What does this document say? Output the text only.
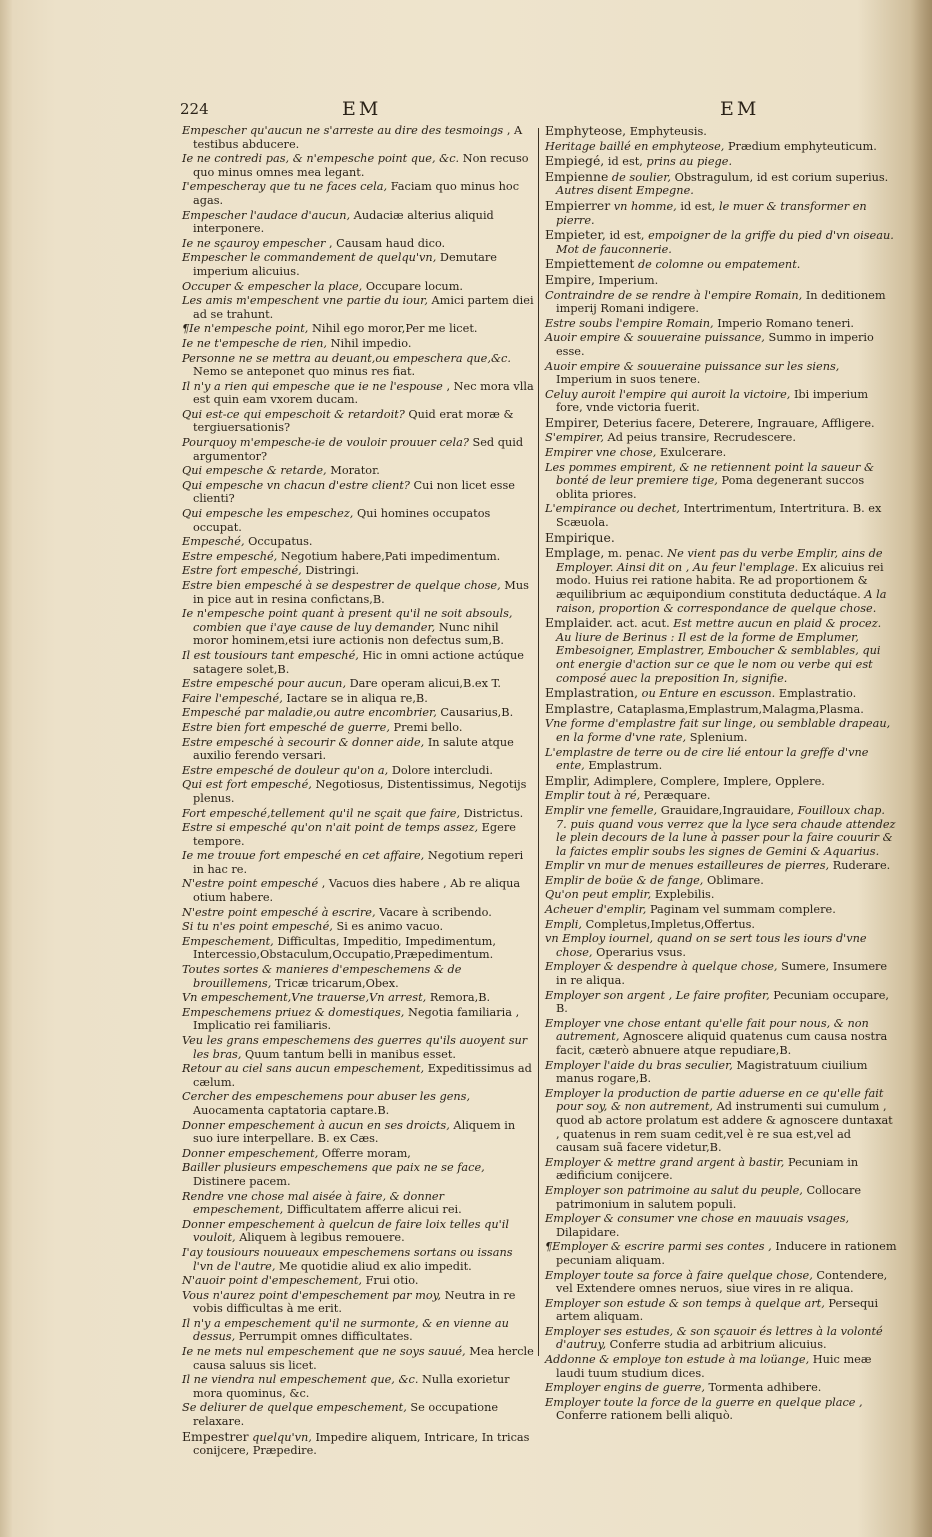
224	EM	EM
Empescher qu'aucun ne s'arreste au dire des tesmoings , A testibus abducere.
Ie ne contredi pas, & n'empesche point que, &c. Non recuso quo minus omnes mea legant.
I'empescheray que tu ne faces cela, Faciam quo minus hoc agas.
Empescher l'audace d'aucun, Audaciæ alterius aliquid interponere.
Ie ne sçauroy empescher , Causam haud dico.
Empescher le commandement de quelqu'vn, Demutare imperium alicuius.
Occuper & empescher la place, Occupare locum.
Les amis m'empeschent vne partie du iour, Amici partem diei ad se trahunt.
¶Ie n'empesche point, Nihil ego moror,Per me licet.
Ie ne t'empesche de rien, Nihil impedio.
Personne ne se mettra au deuant,ou empeschera que,&c. Nemo se anteponet quo minus res fiat.
Il n'y a rien qui empesche que ie ne l'espouse , Nec mora vlla est quin eam vxorem ducam.
Qui est-ce qui empeschoit & retardoit? Quid erat moræ & tergiuersationis?
Pourquoy m'empesche-ie de vouloir prouuer cela? Sed quid argumentor?
Qui empesche & retarde, Morator.
Qui empesche vn chacun d'estre client? Cui non licet esse clienti?
Qui empesche les empeschez, Qui homines occupatos occupat.
Empesché, Occupatus.
Estre empesché, Negotium habere,Pati impedimentum.
Estre fort empesché, Distringi.
Estre bien empesché à se despestrer de quelque chose, Mus in pice aut in resina confictans,B.
Ie n'empesche point quant à present qu'il ne soit absouls, combien que i'aye cause de luy demander, Nunc nihil moror hominem,etsi iure actionis non defectus sum,B.
Il est tousiours tant empesché, Hic in omni actione actúque satagere solet,B.
Estre empesché pour aucun, Dare operam alicui,B.ex T.
Faire l'empesché, Iactare se in aliqua re,B.
Empesché par maladie,ou autre encombrier, Causarius,B.
Estre bien fort empesché de guerre, Premi bello.
Estre empesché à secourir & donner aide, In salute atque auxilio ferendo versari.
Estre empesché de douleur qu'on a, Dolore intercludi.
Qui est fort empesché, Negotiosus, Distentissimus, Negotijs plenus.
Fort empesché,tellement qu'il ne sçait que faire, Districtus.
Estre si empesché qu'on n'ait point de temps assez, Egere tempore.
Ie me trouue fort empesché en cet affaire, Negotium reperi in hac re.
N'estre point empesché , Vacuos dies habere , Ab re aliqua otium habere.
N'estre point empesché à escrire, Vacare à scribendo.
Si tu n'es point empesché, Si es animo vacuo.
Empeschement, Difficultas, Impeditio, Impedimentum, Intercessio,Obstaculum,Occupatio,Præpedimentum.
Toutes sortes & manieres d'empeschemens & de brouillemens, Tricæ tricarum,Obex.
Vn empeschement,Vne trauerse,Vn arrest, Remora,B.
Empeschemens priuez & domestiques, Negotia familiaria , Implicatio rei familiaris.
Veu les grans empeschemens des guerres qu'ils auoyent sur les bras, Quum tantum belli in manibus esset.
Retour au ciel sans aucun empeschement, Expeditissimus ad cælum.
Cercher des empeschemens pour abuser les gens, Auocamenta captatoria captare.B.
Donner empeschement à aucun en ses droicts, Aliquem in suo iure interpellare. B. ex Cæs.
Donner empeschement, Offerre moram,
Bailler plusieurs empeschemens que paix ne se face, Distinere pacem.
Rendre vne chose mal aisée à faire, & donner empeschement, Difficultatem afferre alicui rei.
Donner empeschement à quelcun de faire loix telles qu'il vouloit, Aliquem à legibus remouere.
I'ay tousiours nouueaux empeschemens sortans ou issans l'vn de l'autre, Me quotidie aliud ex alio impedit.
N'auoir point d'empeschement, Frui otio.
Vous n'aurez point d'empeschement par moy, Neutra in re vobis difficultas à me erit.
Il n'y a empeschement qu'il ne surmonte, & en vienne au dessus, Perrumpit omnes difficultates.
Ie ne mets nul empeschement que ne soys sauué, Mea hercle causa saluus sis licet.
Il ne viendra nul empeschement que, &c. Nulla exorietur mora quominus, &c.
Se deliurer de quelque empeschement, Se occupatione relaxare.
Empestrer quelqu'vn, Impedire aliquem, Intricare, In tricas conijcere, Præpedire.
Emphyteose, Emphyteusis.
Heritage baillé en emphyteose, Prædium emphyteuticum.
Empiegé, id est, prins au piege.
Empienne de soulier, Obstragulum, id est corium superius. Autres disent Empegne.
Empierrer vn homme, id est, le muer & transformer en pierre.
Empieter, id est, empoigner de la griffe du pied d'vn oiseau. Mot de fauconnerie.
Empiettement de colomne ou empatement.
Empire, Imperium.
Contraindre de se rendre à l'empire Romain, In deditionem imperij Romani indigere.
Estre soubs l'empire Romain, Imperio Romano teneri.
Auoir empire & souueraine puissance, Summo in imperio esse.
Auoir empire & souueraine puissance sur les siens, Imperium in suos tenere.
Celuy auroit l'empire qui auroit la victoire, Ibi imperium fore, vnde victoria fuerit.
Empirer, Deterius facere, Deterere, Ingrauare, Affligere.
S'empirer, Ad peius transire, Recrudescere.
Empirer vne chose, Exulcerare.
Les pommes empirent, & ne retiennent point la saueur & bonté de leur premiere tige, Poma degenerant succos oblita priores.
L'empirance ou dechet, Intertrimentum, Intertritura. B. ex Scæuola.
Empirique.
Emplage, m. penac. Ne vient pas du verbe Emplir, ains de Employer. Ainsi dit on , Au feur l'emplage. Ex alicuius rei modo. Huius rei ratione habita. Re ad proportionem & æquilibrium ac æquipondium constituta deductáque. A la raison, proportion & correspondance de quelque chose.
Emplaider. act. acut. Est mettre aucun en plaid & procez. Au liure de Berinus : Il est de la forme de Emplumer, Embesoigner, Emplastrer, Emboucher & semblables, qui ont energie d'action sur ce que le nom ou verbe qui est composé auec la preposition In, signifie.
Emplastration, ou Enture en escusson. Emplastratio.
Emplastre, Cataplasma,Emplastrum,Malagma,Plasma.
Vne forme d'emplastre fait sur linge, ou semblable drapeau, en la forme d'vne rate, Splenium.
L'emplastre de terre ou de cire lié entour la greffe d'vne ente, Emplastrum.
Emplir, Adimplere, Complere, Implere, Opplere.
Emplir tout à ré, Peræquare.
Emplir vne femelle, Grauidare,Ingrauidare, Fouilloux chap. 7. puis quand vous verrez que la lyce sera chaude attendez le plein decours de la lune à passer pour la faire couurir & la faictes emplir soubs les signes de Gemini & Aquarius.
Emplir vn mur de menues estailleures de pierres, Ruderare.
Emplir de boüe & de fange, Oblimare.
Qu'on peut emplir, Explebilis.
Acheuer d'emplir, Paginam vel summam complere.
Empli, Completus,Impletus,Offertus.
vn Employ iournel, quand on se sert tous les iours d'vne chose, Operarius vsus.
Employer & despendre à quelque chose, Sumere, Insumere in re aliqua.
Employer son argent , Le faire profiter, Pecuniam occupare, B.
Employer vne chose entant qu'elle fait pour nous, & non autrement, Agnoscere aliquid quatenus cum causa nostra facit, cæterò abnuere atque repudiare,B.
Employer l'aide du bras seculier, Magistratuum ciuilium manus rogare,B.
Employer la production de partie aduerse en ce qu'elle fait pour soy, & non autrement, Ad instrumenti sui cumulum , quod ab actore prolatum est addere & agnoscere duntaxat , quatenus in rem suam cedit,vel è re sua est,vel ad causam suã facere videtur,B.
Employer & mettre grand argent à bastir, Pecuniam in ædificium conijcere.
Employer son patrimoine au salut du peuple, Collocare patrimonium in salutem populi.
Employer & consumer vne chose en mauuais vsages, Dilapidare.
¶Employer & escrire parmi ses contes , Inducere in rationem pecuniam aliquam.
Employer toute sa force à faire quelque chose, Contendere, vel Extendere omnes neruos, siue vires in re aliqua.
Employer son estude & son temps à quelque art, Persequi artem aliquam.
Employer ses estudes, & son sçauoir és lettres à la volonté d'autruy, Conferre studia ad arbitrium alicuius.
Addonne & employe ton estude à ma loüange, Huic meæ laudi tuum studium dices.
Employer engins de guerre, Tormenta adhibere.
Employer toute la force de la guerre en quelque place , Conferre rationem belli aliquò.
